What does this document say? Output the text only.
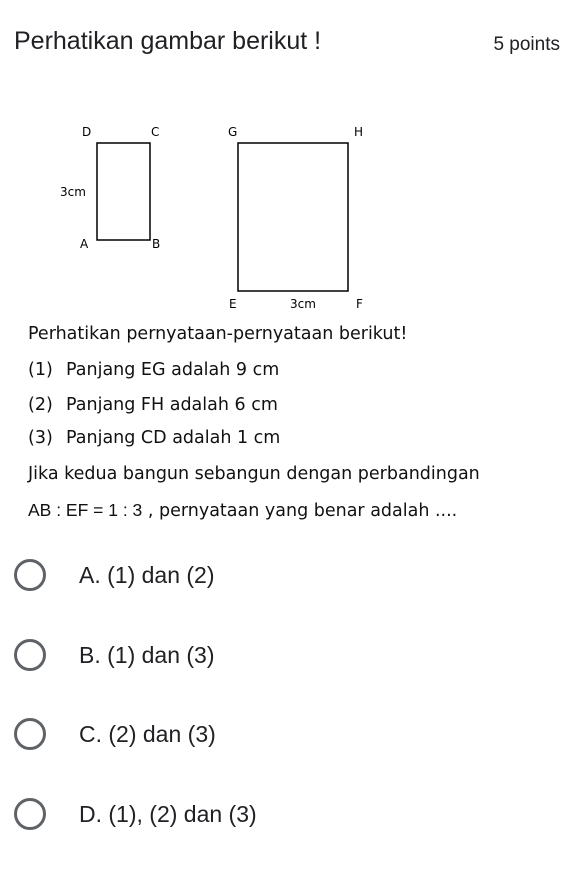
Perhatikan gambar berikut !	5 points
D	C
A	B
3cm
G	H
E	F
3cm
Perhatikan pernyataan-pernyataan berikut!
(1) Panjang EG adalah 9 cm
(2) Panjang FH adalah 6 cm
(3) Panjang CD adalah 1 cm
Jika kedua bangun sebangun dengan perbandingan
AB : EF = 1 : 3 , pernyataan yang benar adalah ....
A. (1) dan (2)
B. (1) dan (3)
C. (2) dan (3)
D. (1), (2) dan (3)
